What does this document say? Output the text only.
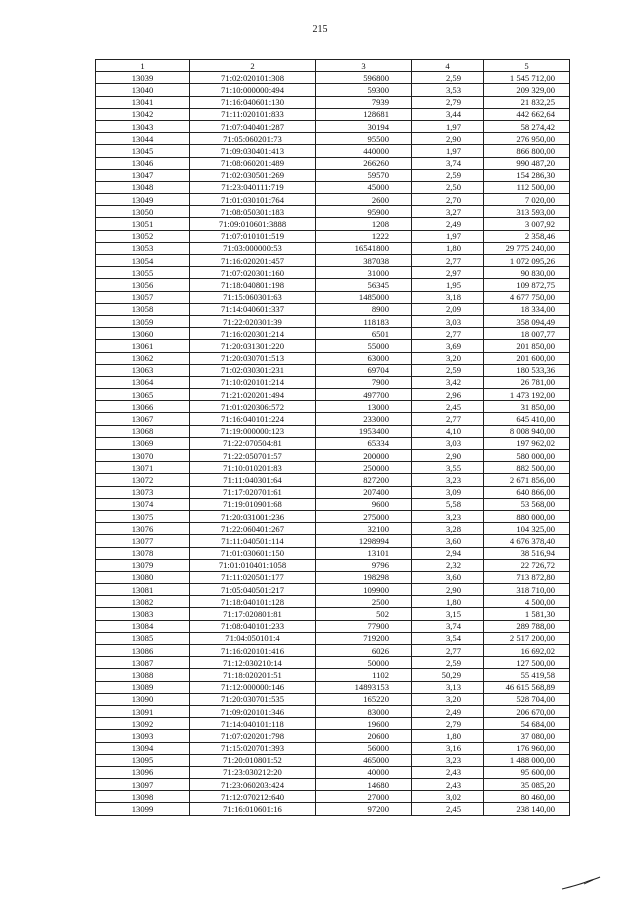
215
1	2	3	4	5
13039	71:02:020101:308	596800	2,59	1 545 712,00
13040	71:10:000000:494	59300	3,53	209 329,00
13041	71:16:040601:130	7939	2,79	21 832,25
13042	71:11:020101:833	128681	3,44	442 662,64
13043	71:07:040401:287	30194	1,97	58 274,42
13044	71:05:060201:73	95500	2,90	276 950,00
13045	71:09:030401:413	440000	1,97	866 800,00
13046	71:08:060201:489	266260	3,74	990 487,20
13047	71:02:030501:269	59570	2,59	154 286,30
13048	71:23:040111:719	45000	2,50	112 500,00
13049	71:01:030101:764	2600	2,70	7 020,00
13050	71:08:050301:183	95900	3,27	313 593,00
13051	71:09:010601:3888	1208	2,49	3 007,92
13052	71:07:010101:519	1222	1,97	2 358,46
13053	71:03:000000:53	16541800	1,80	29 775 240,00
13054	71:16:020201:457	387038	2,77	1 072 095,26
13055	71:07:020301:160	31000	2,97	90 830,00
13056	71:18:040801:198	56345	1,95	109 872,75
13057	71:15:060301:63	1485000	3,18	4 677 750,00
13058	71:14:040601:337	8900	2,09	18 334,00
13059	71:22:020301:39	118183	3,03	358 094,49
13060	71:16:020301:214	6501	2,77	18 007,77
13061	71:20:031301:220	55000	3,69	201 850,00
13062	71:20:030701:513	63000	3,20	201 600,00
13063	71:02:030301:231	69704	2,59	180 533,36
13064	71:10:020101:214	7900	3,42	26 781,00
13065	71:21:020201:494	497700	2,96	1 473 192,00
13066	71:01:020306:572	13000	2,45	31 850,00
13067	71:16:040101:224	233000	2,77	645 410,00
13068	71:19:000000:123	1953400	4,10	8 008 940,00
13069	71:22:070504:81	65334	3,03	197 962,02
13070	71:22:050701:57	200000	2,90	580 000,00
13071	71:10:010201:83	250000	3,55	882 500,00
13072	71:11:040301:64	827200	3,23	2 671 856,00
13073	71:17:020701:61	207400	3,09	640 866,00
13074	71:19:010901:68	9600	5,58	53 568,00
13075	71:20:031001:236	275000	3,23	880 000,00
13076	71:22:060401:267	32100	3,28	104 325,00
13077	71:11:040501:114	1298994	3,60	4 676 378,40
13078	71:01:030601:150	13101	2,94	38 516,94
13079	71:01:010401:1058	9796	2,32	22 726,72
13080	71:11:020501:177	198298	3,60	713 872,80
13081	71:05:040501:217	109900	2,90	318 710,00
13082	71:18:040101:128	2500	1,80	4 500,00
13083	71:17:020801:81	502	3,15	1 581,30
13084	71:08:040101:233	77900	3,74	289 788,00
13085	71:04:050101:4	719200	3,54	2 517 200,00
13086	71:16:020101:416	6026	2,77	16 692,02
13087	71:12:030210:14	50000	2,59	127 500,00
13088	71:18:020201:51	1102	50,29	55 419,58
13089	71:12:000000:146	14893153	3,13	46 615 568,89
13090	71:20:030701:535	165220	3,20	528 704,00
13091	71:09:020101:346	83000	2,49	206 670,00
13092	71:14:040101:118	19600	2,79	54 684,00
13093	71:07:020201:798	20600	1,80	37 080,00
13094	71:15:020701:393	56000	3,16	176 960,00
13095	71:20:010801:52	465000	3,23	1 488 000,00
13096	71:23:030212:20	40000	2,43	95 600,00
13097	71:23:060203:424	14680	2,43	35 085,20
13098	71:12:070212:640	27000	3,02	80 460,00
13099	71:16:010601:16	97200	2,45	238 140,00
